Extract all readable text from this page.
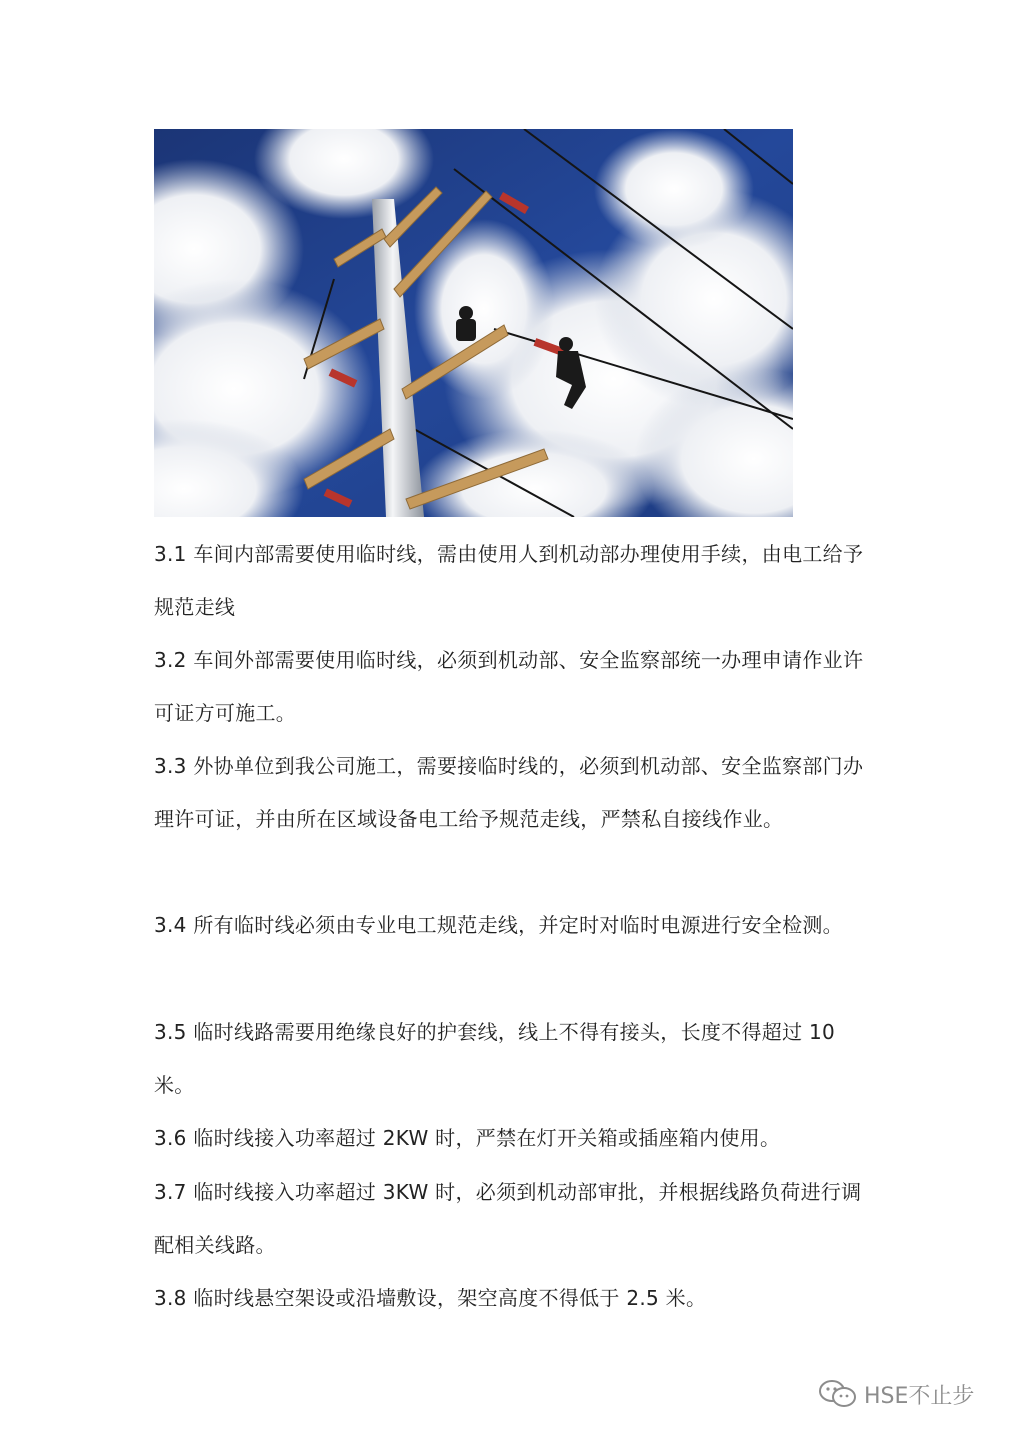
3.1 车间内部需要使用临时线，需由使用人到机动部办理使用手续，由电工给予规范走线

3.2 车间外部需要使用临时线，必须到机动部、安全监察部统一办理申请作业许可证方可施工。

3.3 外协单位到我公司施工，需要接临时线的，必须到机动部、安全监察部门办理许可证，并由所在区域设备电工给予规范走线，严禁私自接线作业。

3.4 所有临时线必须由专业电工规范走线，并定时对临时电源进行安全检测。

3.5 临时线路需要用绝缘良好的护套线，线上不得有接头，长度不得超过 10 米。

3.6 临时线接入功率超过 2KW 时，严禁在灯开关箱或插座箱内使用。

3.7 临时线接入功率超过 3KW 时，必须到机动部审批，并根据线路负荷进行调配相关线路。

3.8 临时线悬空架设或沿墙敷设，架空高度不得低于 2.5 米。

HSE不止步
